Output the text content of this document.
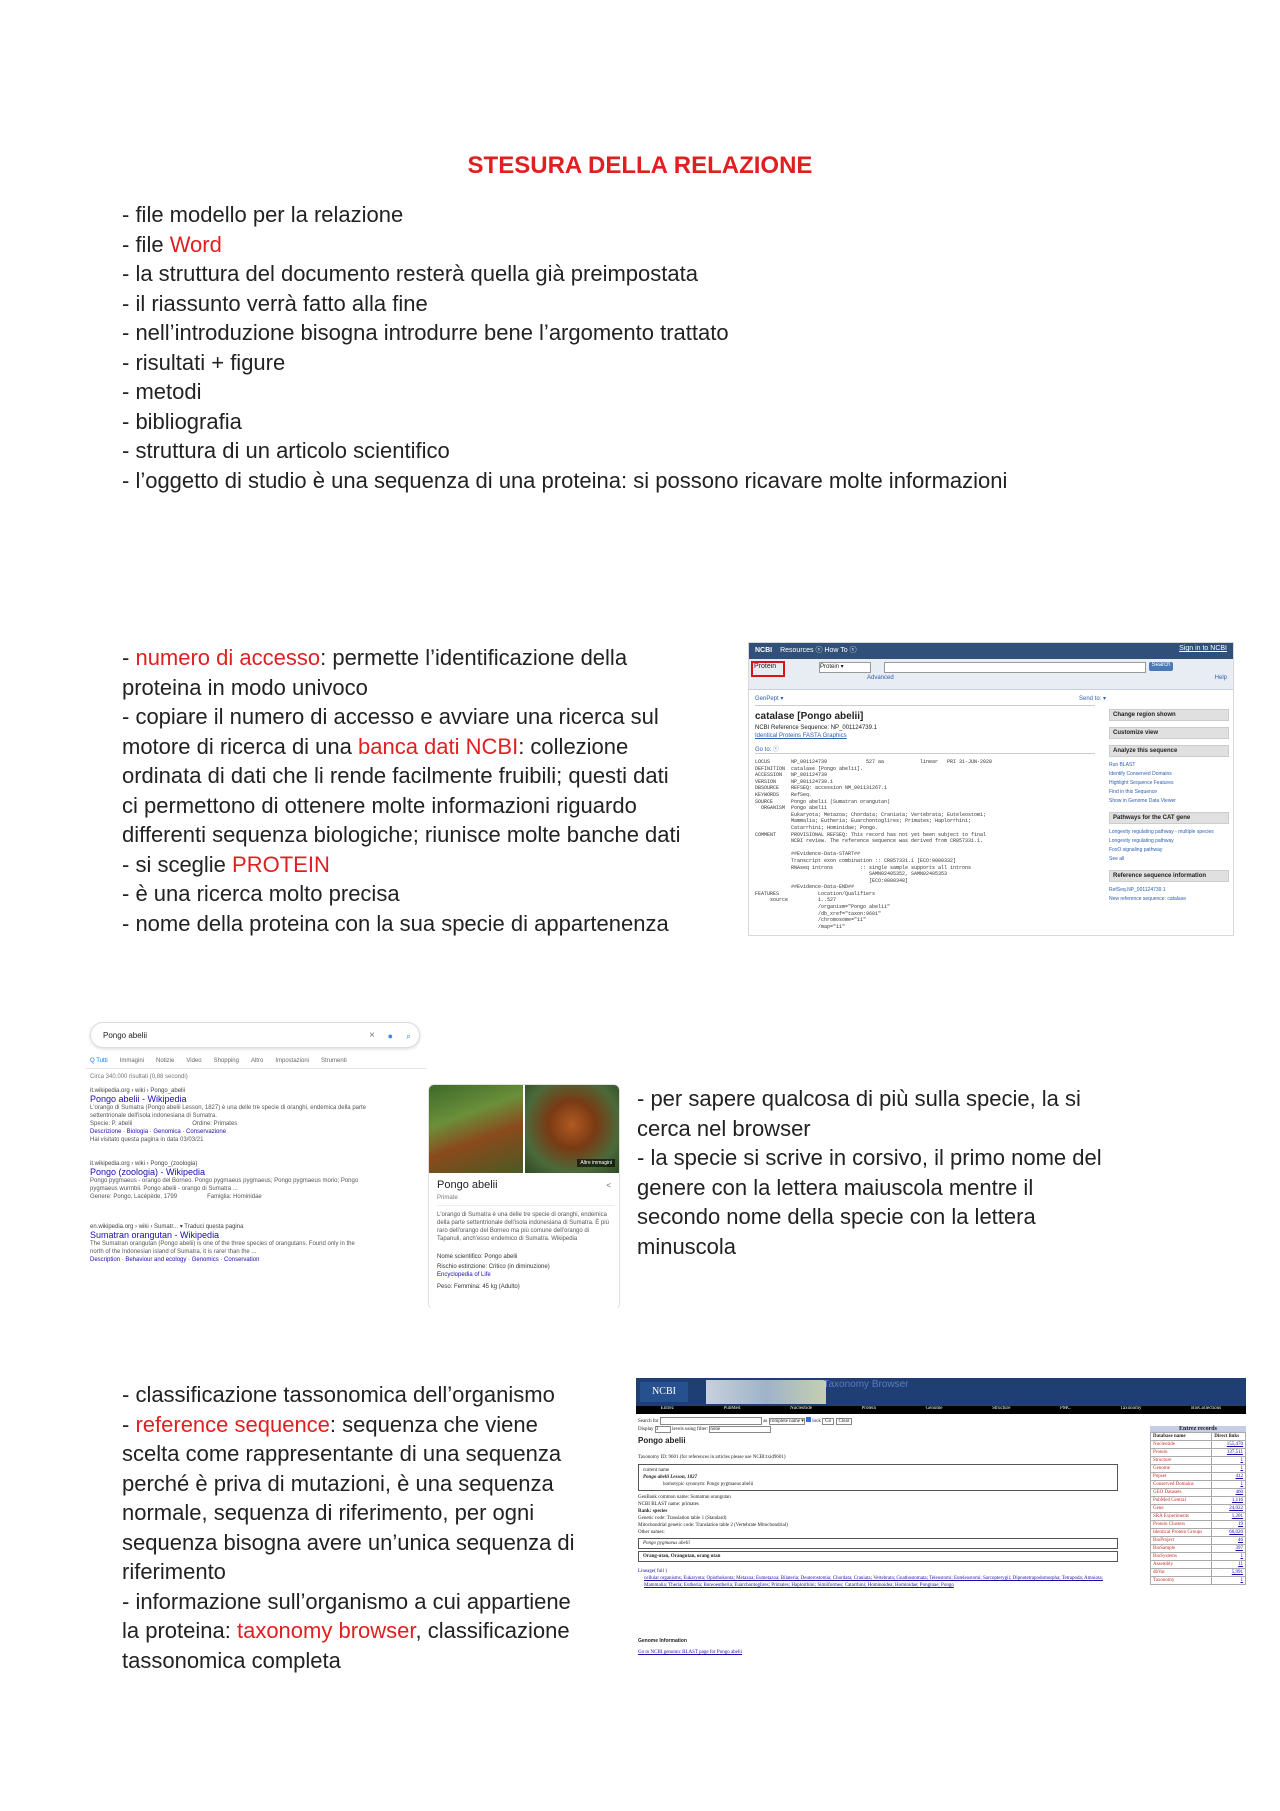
STESURA DELLA RELAZIONE
- file modello per la relazione
- file Word
- la struttura del documento resterà quella già preimpostata
- il riassunto verrà fatto alla fine
- nell’introduzione bisogna introdurre bene l’argomento trattato
- risultati + figure
- metodi
- bibliografia
- struttura di un articolo scientifico
- l’oggetto di studio è una sequenza di una proteina: si possono ricavare molte informazioni
- numero di accesso: permette l’identificazione della
proteina in modo univoco
- copiare il numero di accesso e avviare una ricerca sul
motore di ricerca di una banca dati NCBI: collezione
ordinata di dati che li rende facilmente fruibili; questi dati
ci permettono di ottenere molte informazioni riguardo
differenti sequenza biologiche; riunisce molte banche dati
- si sceglie PROTEIN
- è una ricerca molto precisa
- nome della proteina con la sua specie di appartenenza
- per sapere qualcosa di più sulla specie, la si
cerca nel browser
- la specie si scrive in corsivo, il primo nome del
genere con la lettera maiuscola mentre il
secondo nome della specie con la lettera
minuscola
- classificazione tassonomica dell’organismo
- reference sequence: sequenza che viene
scelta come rappresentante di una sequenza
perché è priva di mutazioni, è una sequenza
normale, sequenza di riferimento, per ogni
sequenza bisogna avere un’unica sequenza di
riferimento
- informazione sull’organismo a cui appartiene
la proteina: taxonomy browser, classificazione
tassonomica completa
NCBI Resources ⓥ How To ⓥ	Sign in to NCBI
Protein	Protein ▾	Search
Advanced	Help
GenPept ▾	Send to: ▾
catalase [Pongo abelii]
NCBI Reference Sequence: NP_001124739.1
Identical Proteins FASTA Graphics
Go to: ⓥ
LOCUS       NP_001124739             527 aa            linear   PRI 31-JUN-2020
DEFINITION  catalase [Pongo abelii].
ACCESSION   NP_001124739
VERSION     NP_001124739.1
DBSOURCE    REFSEQ: accession NM_001131267.1
KEYWORDS    RefSeq.
SOURCE      Pongo abelii (Sumatran orangutan)
ORGANISM  Pongo abelii
Eukaryota; Metazoa; Chordata; Craniata; Vertebrata; Euteleostomi;
Mammalia; Eutheria; Euarchontoglires; Primates; Haplorrhini;
Catarrhini; Hominidae; Pongo.
COMMENT     PROVISIONAL REFSEQ: This record has not yet been subject to final
NCBI review. The reference sequence was derived from CR857331.1.

##Evidence-Data-START##
Transcript exon combination :: CR857331.1 [ECO:0000332]
RNAseq introns         :: single sample supports all introns
SAMN02405352, SAMN02405353
[ECO:0000348]
##Evidence-Data-END##
FEATURES             Location/Qualifiers
source          1..527
/organism="Pongo abelii"
/db_xref="taxon:9601"
/chromosome="11"
/map="11"
Change region shown
Customize view
Analyze this sequence
Run BLAST
Identify Conserved Domains
Highlight Sequence Features
Find in this Sequence
Show in Genome Data Viewer
Pathways for the CAT gene
Longevity regulating pathway - multiple species
Longevity regulating pathway
FoxO signaling pathway
See all
Reference sequence information
RefSeq.NP_001124739.1
New reference sequence: catalase
Pongo abelii	× ● ⌕
Q Tutti Immagini Notizie Video Shopping Altro Impostazioni Strumenti
Circa 340.000 risultati (0,88 secondi)
it.wikipedia.org › wiki › Pongo_abelii
Pongo abelii - Wikipedia
L'orango di Sumatra (Pongo abelii Lesson, 1827) è una delle tre specie di oranghi, endemica della parte settentrionale dell'isola indonesiana di Sumatra.
Specie: P. abelii	Ordine: Primates
Descrizione · Biologia · Genomica · Conservazione
Hai visitato questa pagina in data 03/03/21
it.wikipedia.org › wiki › Pongo_(zoologia)
Pongo (zoologia) - Wikipedia
Pongo pygmaeus - orango del Borneo. Pongo pygmaeus pygmaeus; Pongo pygmaeus morio; Pongo pygmaeus wurmbii. Pongo abelii - orango di Sumatra ...
Genere: Pongo, Lacépède, 1799	Famiglia: Hominidae
en.wikipedia.org › wiki › Sumatr... ▾ Traduci questa pagina
Sumatran orangutan - Wikipedia
The Sumatran orangutan (Pongo abelii) is one of the three species of orangutans. Found only in the north of the Indonesian island of Sumatra, it is rarer than the ...
Description · Behaviour and ecology · Genomics · Conservation
Altre immagini
Pongo abelii	<
Primate
L'orango di Sumatra è una delle tre specie di oranghi, endemica della parte settentrionale dell'isola indonesiana di Sumatra. È più raro dell'orango del Borneo ma più comune dell'orango di Tapanuli, anch'esso endemico di Sumatra. Wikipedia
Nome scientifico: Pongo abelii
Rischio estinzione: Critico (in diminuzione)
Encyclopedia of Life
Peso: Femmina: 45 kg (Adulto)
NCBI
Taxonomy Browser
Entrez	PubMed	Nucleotide	Protein	Genome	Structure	PMC	Taxonomy	BioCollections
Search for	as complete name ▾ lock Go Clear
Display 3	levels using filter: none
Pongo abelii
Taxonomy ID: 9601 (for references in articles please use NCBI:txid9601)
current name
Pongo abelii Lesson, 1827
homotypic synonym: Pongo pygmaeus abelii
GenBank common name: Sumatran orangutan
NCBI BLAST name: primates
Rank: species
Genetic code: Translation table 1 (Standard)
Mitochondrial genetic code: Translation table 2 (Vertebrate Mitochondrial)
Other names:
Pongo pygmaeus abelii
Orang-utan, Orangutan, orang utan
Lineage( full )
cellular organisms; Eukaryota; Opisthokonta; Metazoa; Eumetazoa; Bilateria; Deuterostomia; Chordata; Craniata; Vertebrata; Gnathostomata; Teleostomi; Euteleostomi; Sarcopterygii; Dipnotetrapodomorpha; Tetrapoda; Amniota; Mammalia; Theria; Eutheria; Boreoeutheria; Euarchontoglires; Primates; Haplorrhini; Simiiformes; Catarrhini; Hominoidea; Hominidae; Ponginae; Pongo
Genome Information
Go to NCBI genomic BLAST page for Pongo abelii
Entrez records
Database name	Direct links
Nucleotide	155,470
Protein	137,511
Structure	1
Genome	1
Popset	412
Conserved Domains	1
GEO Datasets	460
PubMed Central	1,116
Gene	24,022
SRA Experiments	1,201
Protein Clusters	19
Identical Protein Groups	66,020
BioProject	46
BioSample	397
BioSystems	1
Assembly	11
dbVar	5,991
Taxonomy	1
